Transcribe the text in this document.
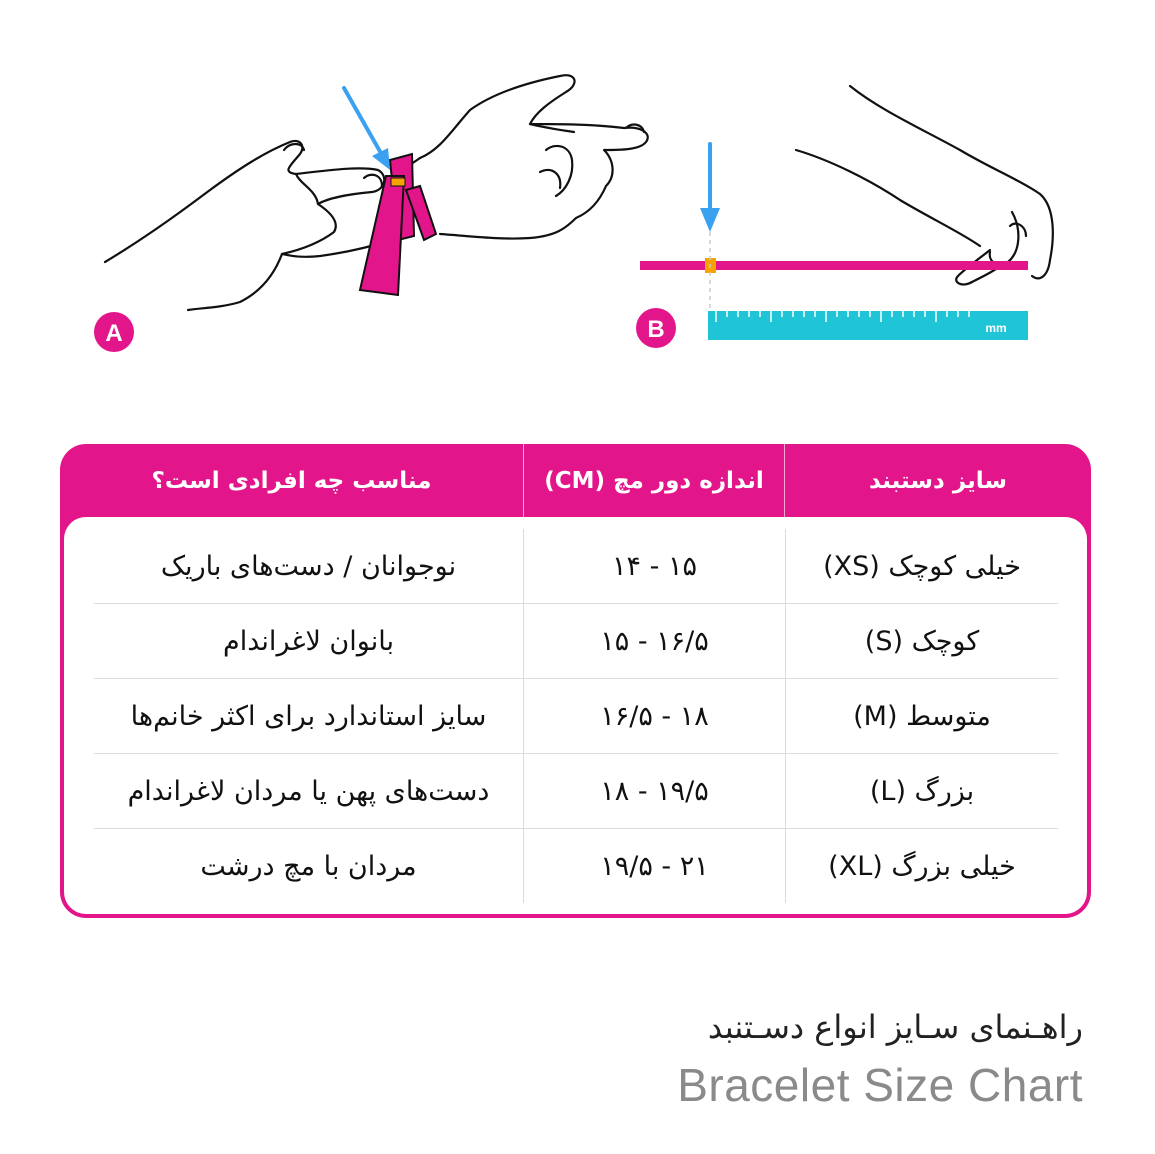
A	mm
B
سایز دستبند
اندازه دور مچ (CM)
مناسب چه افرادی است؟
خیلی کوچک (XS)
۱۵ - ۱۴
نوجوانان / دست‌های باریک
کوچک (S)
۱۶/۵ - ۱۵
بانوان لاغراندام
متوسط (M)
۱۸ - ۱۶/۵
سایز استاندارد برای اکثر خانم‌ها
بزرگ (L)
۱۹/۵ - ۱۸
دست‌های پهن یا مردان لاغراندام
خیلی بزرگ (XL)
۲۱ - ۱۹/۵
مردان با مچ درشت
راهـنمای سـایز انواع دسـتنبد
Bracelet Size Chart
